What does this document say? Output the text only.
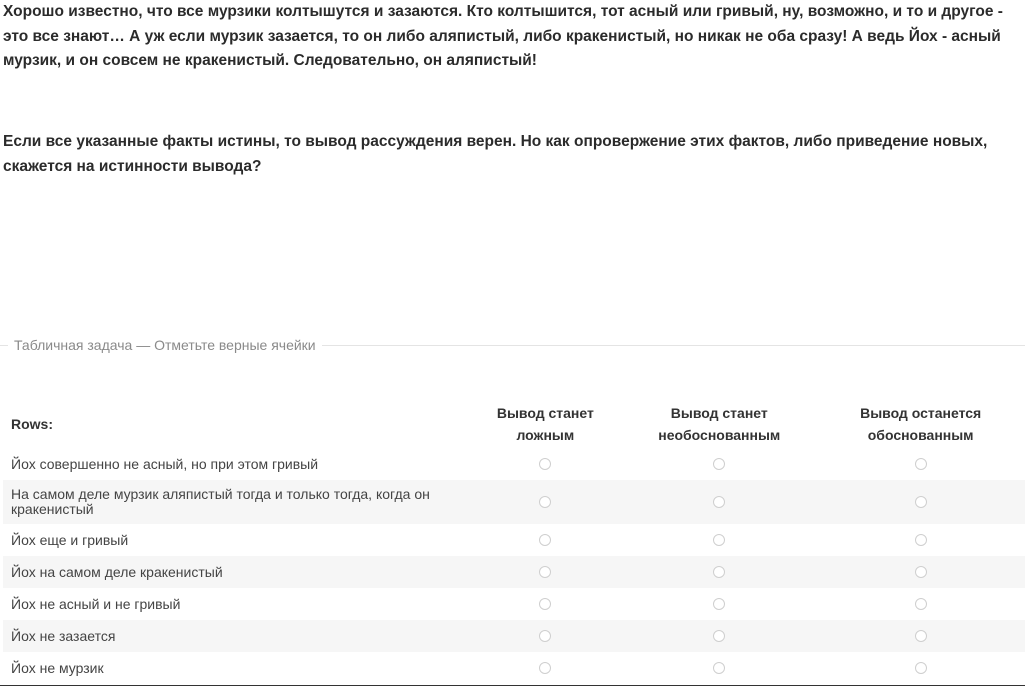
Хорошо известно, что все мурзики колтышутся и зазаются. Кто колтышится, тот асный или гривый, ну, возможно, и то и другое - это все знают… А уж если мурзик зазается, то он либо аляпистый, либо кракенистый, но никак не оба сразу! А ведь Йох - асный мурзик, и он совсем не кракенистый. Следовательно, он аляпистый!

Если все указанные факты истины, то вывод рассуждения верен. Но как опровержение этих фактов, либо приведение новых, скажется на истинности вывода?

Табличная задача — Отметьте верные ячейки
Rows:	Вывод станет ложным	Вывод станет необоснованным	Вывод останется обоснованным
Йох совершенно не асный, но при этом гривый	

На самом деле мурзик аляпистый тогда и только тогда, когда он кракенистый	

Йох еще и гривый	

Йох на самом деле кракенистый	

Йох не асный и не гривый	

Йох не зазается	

Йох не мурзик	
